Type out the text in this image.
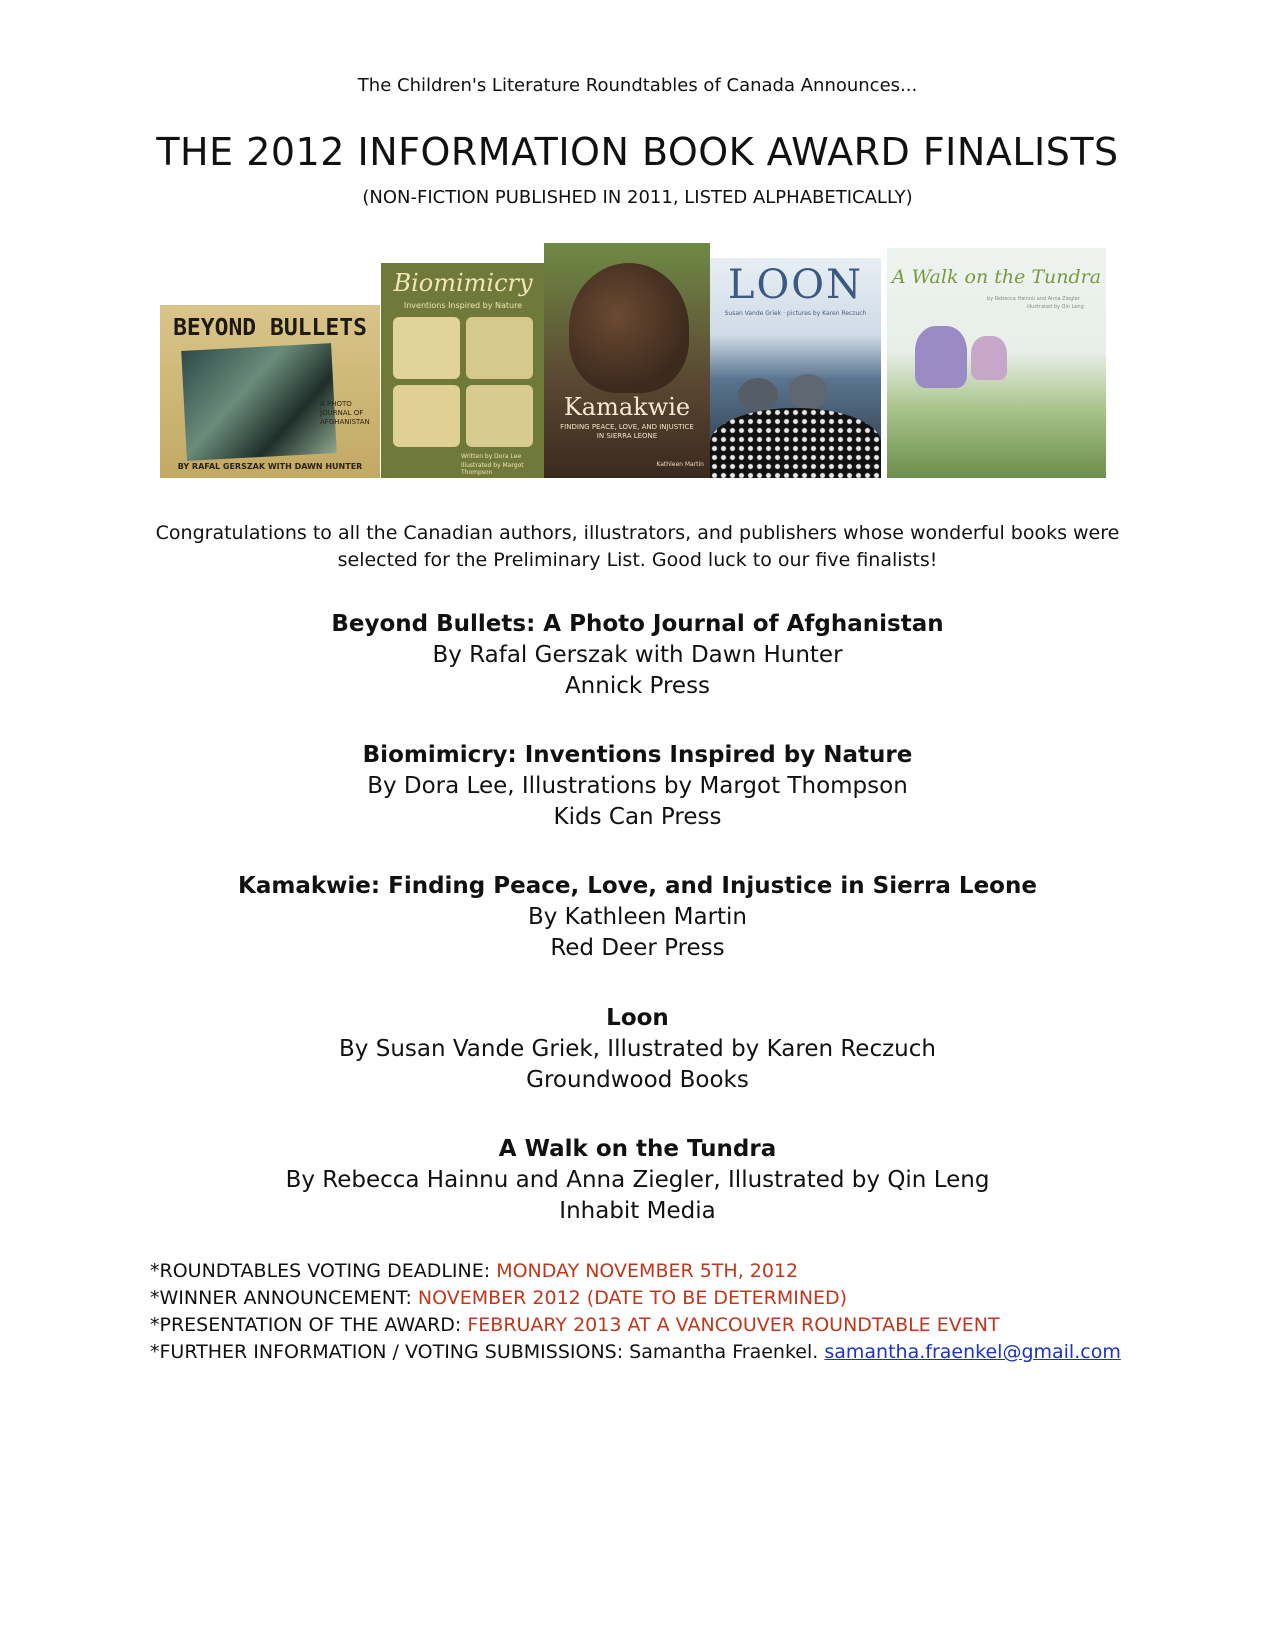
The Children's Literature Roundtables of Canada Announces...
THE 2012 INFORMATION BOOK AWARD FINALISTS
(NON-FICTION PUBLISHED IN 2011, LISTED ALPHABETICALLY)
BEYOND BULLETS
A PHOTO JOURNAL OF AFGHANISTAN
BY RAFAL GERSZAK WITH DAWN HUNTER
Biomimicry
Inventions Inspired by Nature
Written by Dora Lee
Illustrated by Margot Thompson
Kamakwie
FINDING PEACE, LOVE, AND INJUSTICE IN SIERRA LEONE
Kathleen Martin
LOON
Susan Vande Griek · pictures by Karen Reczuch
A Walk on the Tundra
by Rebecca Hainnu and Anna Ziegler
illustrated by Qin Leng
Congratulations to all the Canadian authors, illustrators, and publishers whose wonderful books were
selected for the Preliminary List. Good luck to our five finalists!
Beyond Bullets: A Photo Journal of Afghanistan
By Rafal Gerszak with Dawn Hunter
Annick Press
Biomimicry: Inventions Inspired by Nature
By Dora Lee, Illustrations by Margot Thompson
Kids Can Press
Kamakwie: Finding Peace, Love, and Injustice in Sierra Leone
By Kathleen Martin
Red Deer Press
Loon
By Susan Vande Griek, Illustrated by Karen Reczuch
Groundwood Books
A Walk on the Tundra
By Rebecca Hainnu and Anna Ziegler, Illustrated by Qin Leng
Inhabit Media
*ROUNDTABLES VOTING DEADLINE: MONDAY NOVEMBER 5TH, 2012
*WINNER ANNOUNCEMENT: NOVEMBER 2012 (DATE TO BE DETERMINED)
*PRESENTATION OF THE AWARD: FEBRUARY 2013 AT A VANCOUVER ROUNDTABLE EVENT
*FURTHER INFORMATION / VOTING SUBMISSIONS: Samantha Fraenkel. samantha.fraenkel@gmail.com
